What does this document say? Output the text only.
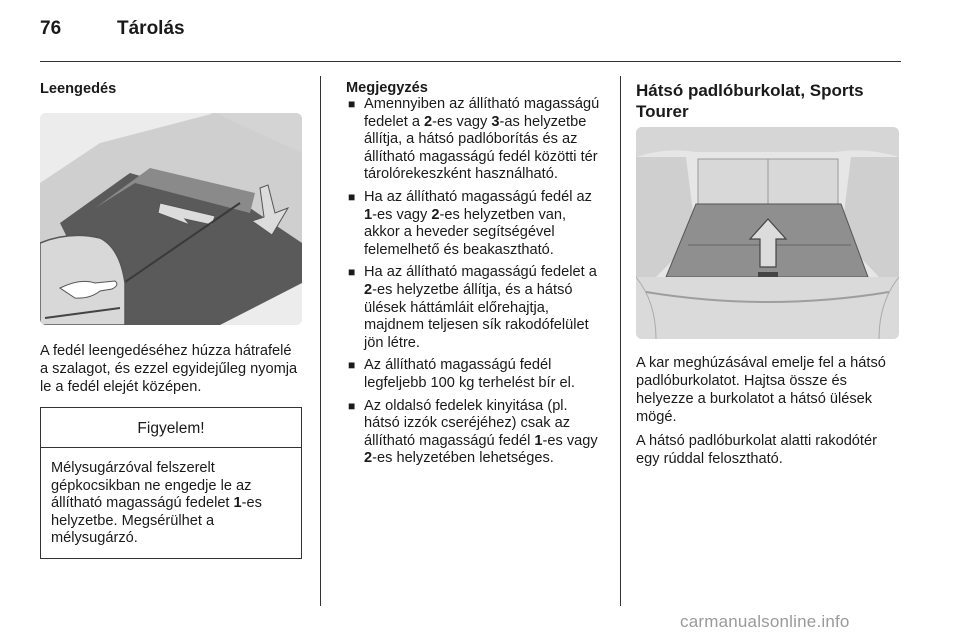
76	Tárolás

Leengedés

A fedél leengedéséhez húzza hátrafelé a szalagot, és ezzel egyidejűleg nyomja le a fedél elejét középen.

Figyelem!
Mélysugárzóval felszerelt gépkocsikban ne engedje le az állítható magasságú fedelet 1-es helyzetbe. Megsérülhet a mélysugárzó.

Megjegyzés

■ Amennyiben az állítható magasságú fedelet a 2-es vagy 3-as helyzetbe állítja, a hátsó padlóborítás és az állítható magasságú fedél közötti tér tárolórekeszként használható.
■ Ha az állítható magasságú fedél az 1-es vagy 2-es helyzetben van, akkor a heveder segítségével felemelhető és beakasztható.
■ Ha az állítható magasságú fedelet a 2-es helyzetbe állítja, és a hátsó ülések háttámláit előrehajtja, majdnem teljesen sík rakodófelület jön létre.
■ Az állítható magasságú fedél legfeljebb 100 kg terhelést bír el.
■ Az oldalsó fedelek kinyitása (pl. hátsó izzók cseréjéhez) csak az állítható magasságú fedél 1-es vagy 2-es helyzetében lehetséges.

Hátsó padlóburkolat, Sports Tourer

A kar meghúzásával emelje fel a hátsó padlóburkolatot. Hajtsa össze és helyezze a burkolatot a hátsó ülések mögé.

A hátsó padlóburkolat alatti rakodótér egy rúddal felosztható.

carmanualsonline.info
